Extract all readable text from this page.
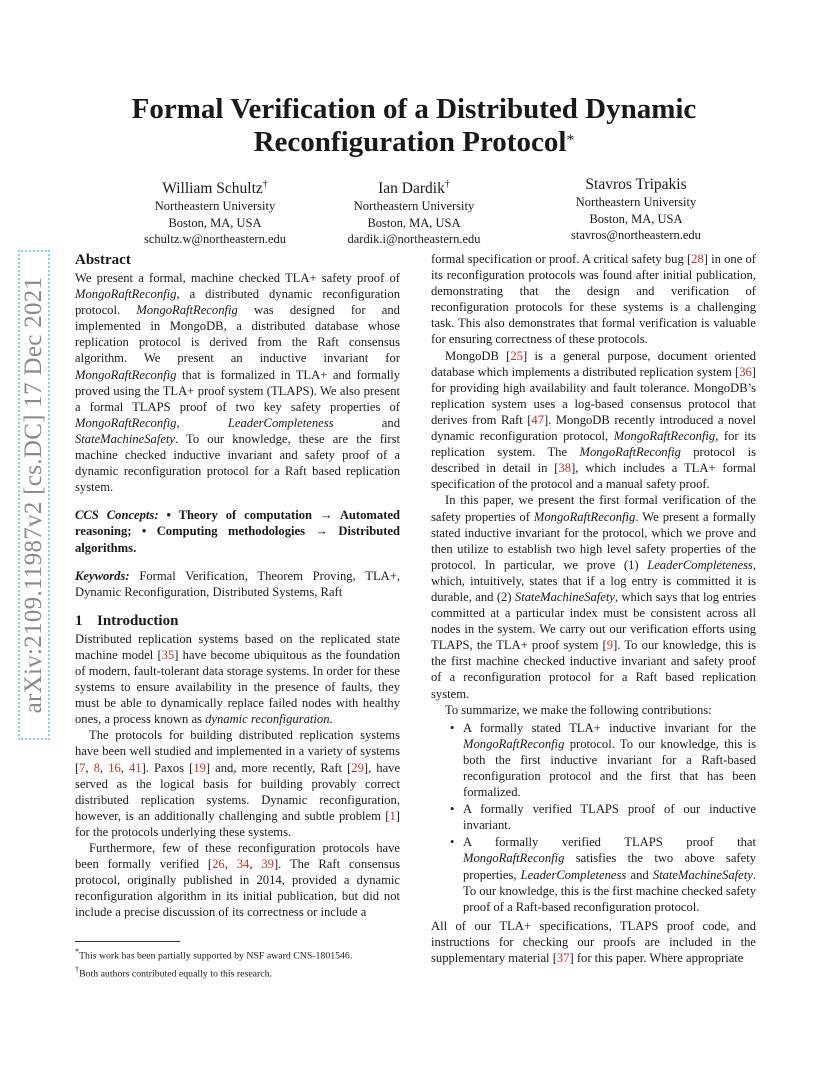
arXiv:2109.11987v2 [cs.DC] 17 Dec 2021
Formal Verification of a Distributed Dynamic Reconfiguration Protocol*
William Schultz†
Northeastern University
Boston, MA, USA
schultz.w@northeastern.edu
Ian Dardik†
Northeastern University
Boston, MA, USA
dardik.i@northeastern.edu
Stavros Tripakis
Northeastern University
Boston, MA, USA
stavros@northeastern.edu

Abstract

We present a formal, machine checked TLA+ safety proof of MongoRaftReconfig, a distributed dynamic reconfiguration protocol. MongoRaftReconfig was designed for and implemented in MongoDB, a distributed database whose replication protocol is derived from the Raft consensus algorithm. We present an inductive invariant for MongoRaftReconfig that is formalized in TLA+ and formally proved using the TLA+ proof system (TLAPS). We also present a formal TLAPS proof of two key safety properties of MongoRaftReconfig, LeaderCompleteness and StateMachineSafety. To our knowledge, these are the first machine checked inductive invariant and safety proof of a dynamic reconfiguration protocol for a Raft based replication system.

CCS Concepts: • Theory of computation → Automated reasoning; • Computing methodologies → Distributed algorithms.

Keywords: Formal Verification, Theorem Proving, TLA+, Dynamic Reconfiguration, Distributed Systems, Raft

1 Introduction

Distributed replication systems based on the replicated state machine model [35] have become ubiquitous as the foundation of modern, fault-tolerant data storage systems. In order for these systems to ensure availability in the presence of faults, they must be able to dynamically replace failed nodes with healthy ones, a process known as dynamic reconfiguration.

The protocols for building distributed replication systems have been well studied and implemented in a variety of systems [7, 8, 16, 41]. Paxos [19] and, more recently, Raft [29], have served as the logical basis for building provably correct distributed replication systems. Dynamic reconfiguration, however, is an additionally challenging and subtle problem [1] for the protocols underlying these systems.

Furthermore, few of these reconfiguration protocols have been formally verified [26, 34, 39]. The Raft consensus protocol, originally published in 2014, provided a dynamic reconfiguration algorithm in its initial publication, but did not include a precise discussion of its correctness or include a

formal specification or proof. A critical safety bug [28] in one of its reconfiguration protocols was found after initial publication, demonstrating that the design and verification of reconfiguration protocols for these systems is a challenging task. This also demonstrates that formal verification is valuable for ensuring correctness of these protocols.

MongoDB [25] is a general purpose, document oriented database which implements a distributed replication system [36] for providing high availability and fault tolerance. MongoDB’s replication system uses a log-based consensus protocol that derives from Raft [47]. MongoDB recently introduced a novel dynamic reconfiguration protocol, MongoRaftReconfig, for its replication system. The MongoRaftReconfig protocol is described in detail in [38], which includes a TLA+ formal specification of the protocol and a manual safety proof.

In this paper, we present the first formal verification of the safety properties of MongoRaftReconfig. We present a formally stated inductive invariant for the protocol, which we prove and then utilize to establish two high level safety properties of the protocol. In particular, we prove (1) LeaderCompleteness, which, intuitively, states that if a log entry is committed it is durable, and (2) StateMachineSafety, which says that log entries committed at a particular index must be consistent across all nodes in the system. We carry out our verification efforts using TLAPS, the TLA+ proof system [9]. To our knowledge, this is the first machine checked inductive invariant and safety proof of a reconfiguration protocol for a Raft based replication system.

To summarize, we make the following contributions:

• A formally stated TLA+ inductive invariant for the MongoRaftReconfig protocol. To our knowledge, this is both the first inductive invariant for a Raft-based reconfiguration protocol and the first that has been formalized.
• A formally verified TLAPS proof of our inductive invariant.
• A formally verified TLAPS proof that MongoRaftReconfig satisfies the two above safety properties, LeaderCompleteness and StateMachineSafety. To our knowledge, this is the first machine checked safety proof of a Raft-based reconfiguration protocol.

All of our TLA+ specifications, TLAPS proof code, and instructions for checking our proofs are included in the supplementary material [37] for this paper. Where appropriate

*This work has been partially supported by NSF award CNS-1801546.

†Both authors contributed equally to this research.
